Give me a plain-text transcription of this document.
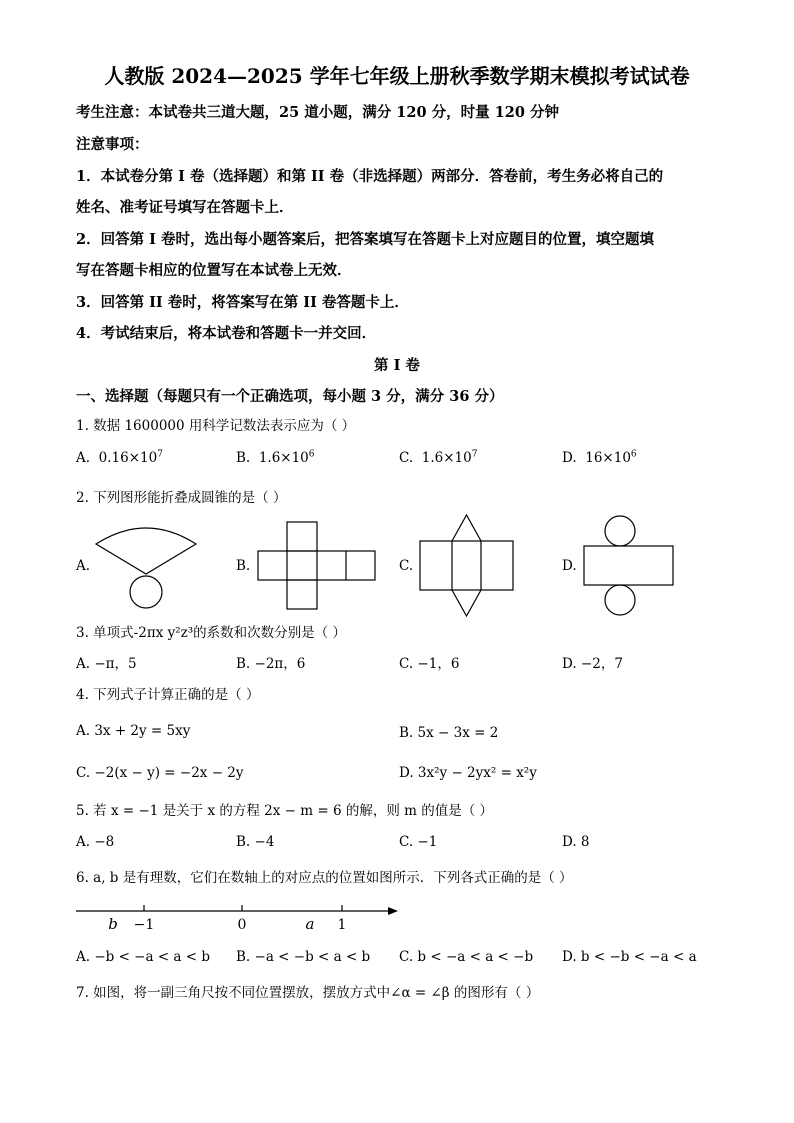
人教版 2024—2025 学年七年级上册秋季数学期末模拟考试试卷
考生注意：本试卷共三道大题，25 道小题，满分 120 分，时量 120 分钟
注意事项：
1．本试卷分第 I 卷（选择题）和第 II 卷（非选择题）两部分．答卷前，考生务必将自己的
姓名、准考证号填写在答题卡上．
2．回答第 I 卷时，选出每小题答案后，把答案填写在答题卡上对应题目的位置，填空题填
写在答题卡相应的位置写在本试卷上无效．
3．回答第 II 卷时，将答案写在第 II 卷答题卡上．
4．考试结束后，将本试卷和答题卡一并交回．
第 I 卷
一、选择题（每题只有一个正确选项，每小题 3 分，满分 36 分）
1. 数据 1600000 用科学记数法表示应为（ ）
A. $0.16\times 10^7$	B. $1.6\times 10^6$	C. $1.6\times 10^7$	D. $16\times 10^6$
2. 下列图形能折叠成圆锥的是（ ）
A.	B.	C.	D.
3. 单项式-2πx y²z³的系数和次数分别是（ ）
A. −π，5	B. −2π，6	C. −1，6	D. −2，7
4. 下列式子计算正确的是（ ）
A. 3x + 2y = 5xy	B. 5x − 3x = 2
C. −2(x − y) = −2x − 2y	D. 3x²y − 2yx² = x²y
5. 若 x = −1 是关于 x 的方程 2x − m = 6 的解，则 m 的值是（ ）
A. −8	B. −4	C. −1	D. 8
6. a, b 是有理数，它们在数轴上的对应点的位置如图所示．下列各式正确的是（ ）
b −1	0	a 1
A. −b < −a < a < b B. −a < −b < a < b C. b < −a < a < −b D. b < −b < −a < a
7. 如图，将一副三角尺按不同位置摆放，摆放方式中∠α = ∠β 的图形有（ ）
